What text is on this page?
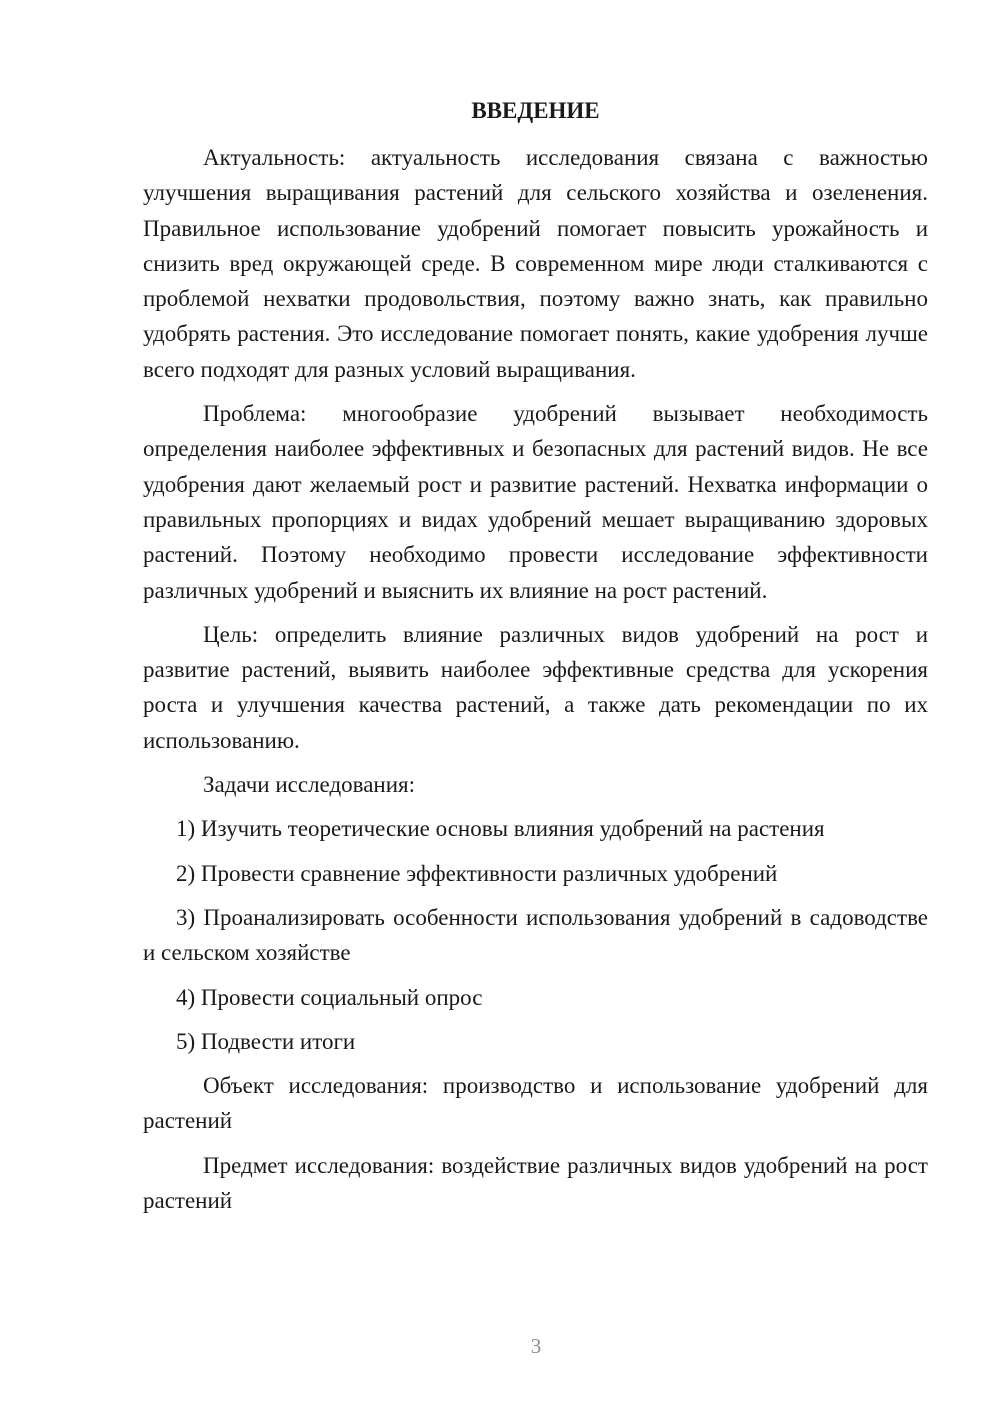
ВВЕДЕНИЕ

Актуальность: актуальность исследования связана с важностью улучшения выращивания растений для сельского хозяйства и озеленения. Правильное использование удобрений помогает повысить урожайность и снизить вред окружающей среде. В современном мире люди сталкиваются с проблемой нехватки продовольствия, поэтому важно знать, как правильно удобрять растения. Это исследование помогает понять, какие удобрения лучше всего подходят для разных условий выращивания.

Проблема: многообразие удобрений вызывает необходимость определения наиболее эффективных и безопасных для растений видов. Не все удобрения дают желаемый рост и развитие растений. Нехватка информации о правильных пропорциях и видах удобрений мешает выращиванию здоровых растений. Поэтому необходимо провести исследование эффективности различных удобрений и выяснить их влияние на рост растений.

Цель: определить влияние различных видов удобрений на рост и развитие растений, выявить наиболее эффективные средства для ускорения роста и улучшения качества растений, а также дать рекомендации по их использованию.

Задачи исследования:

1) Изучить теоретические основы влияния удобрений на растения

2) Провести сравнение эффективности различных удобрений

3) Проанализировать особенности использования удобрений в садоводстве и сельском хозяйстве

4) Провести социальный опрос

5) Подвести итоги

Объект исследования: производство и использование удобрений для растений

Предмет исследования: воздействие различных видов удобрений на рост растений

3
